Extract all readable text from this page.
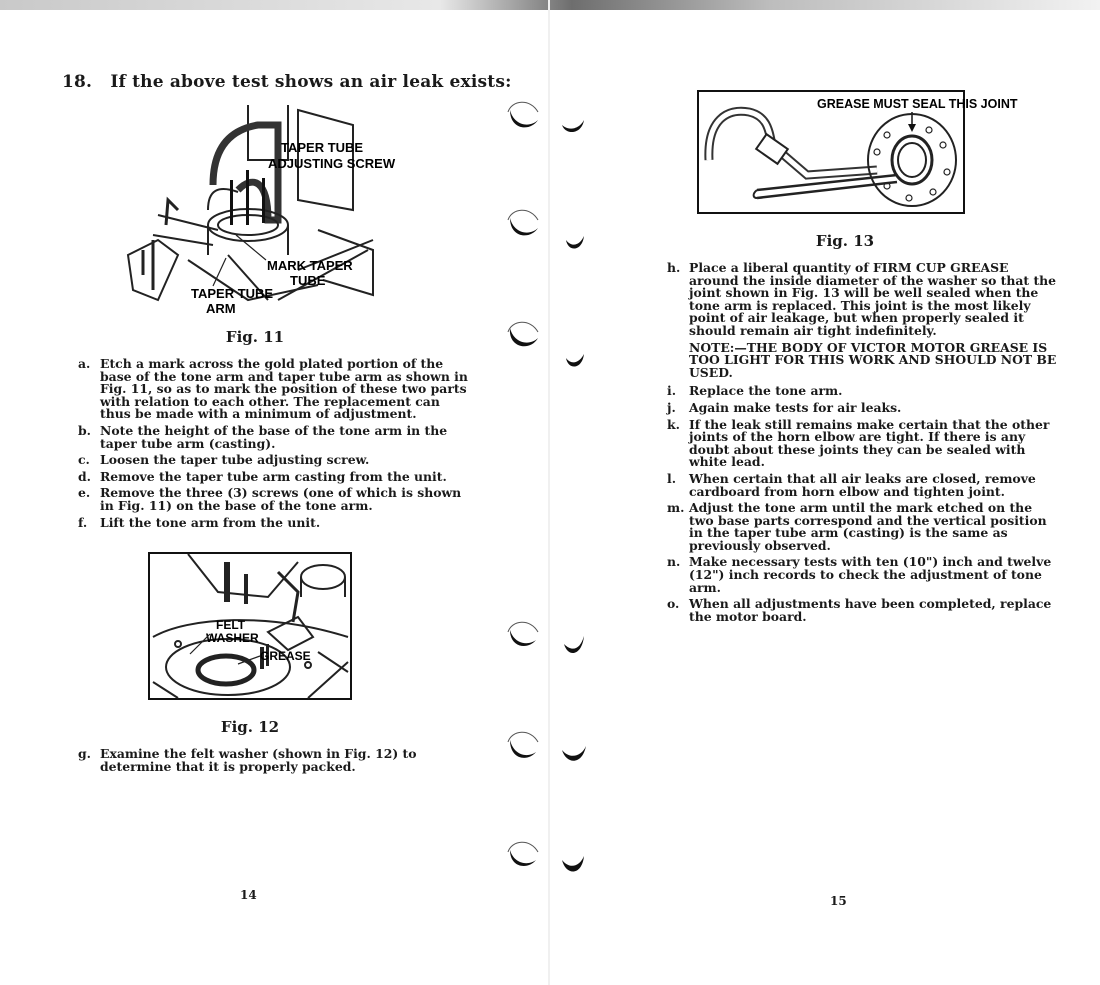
18. If the above test shows an air leak exists:
TAPER TUBE
ADJUSTING SCREW
MARK TAPER
TUBE
TAPER TUBE
ARM
Fig. 11
a. Etch a mark across the gold plated portion of the base of the tone arm and taper tube arm as shown in Fig. 11, so as to mark the position of these two parts with relation to each other. The replacement can thus be made with a minimum of adjustment.
b. Note the height of the base of the tone arm in the taper tube arm (casting).
c. Loosen the taper tube adjusting screw.
d. Remove the taper tube arm casting from the unit.
e. Remove the three (3) screws (one of which is shown in Fig. 11) on the base of the tone arm.
f.	Lift the tone arm from the unit.
FELT
WASHER
GREASE
Fig. 12
g. Examine the felt washer (shown in Fig. 12) to determine that it is properly packed.
14
GREASE MUST SEAL THIS JOINT
Fig. 13
h. Place a liberal quantity of FIRM CUP GREASE around the inside diameter of the washer so that the joint shown in Fig. 13 will be well sealed when the tone arm is replaced. This joint is the most likely point of air leakage, but when properly sealed it should remain air tight indefinitely.
NOTE:—THE BODY OF VICTOR MOTOR GREASE IS TOO LIGHT FOR THIS WORK AND SHOULD NOT BE USED.
i.	Replace the tone arm.
j.	Again make tests for air leaks.
k. If the leak still remains make certain that the other joints of the horn elbow are tight. If there is any doubt about these joints they can be sealed with white lead.
l.	When certain that all air leaks are closed, remove cardboard from horn elbow and tighten joint.
m. Adjust the tone arm until the mark etched on the two base parts correspond and the vertical position in the taper tube arm (casting) is the same as previously observed.
n. Make necessary tests with ten (10") inch and twelve (12") inch records to check the adjustment of tone arm.
o. When all adjustments have been completed, replace the motor board.
15
